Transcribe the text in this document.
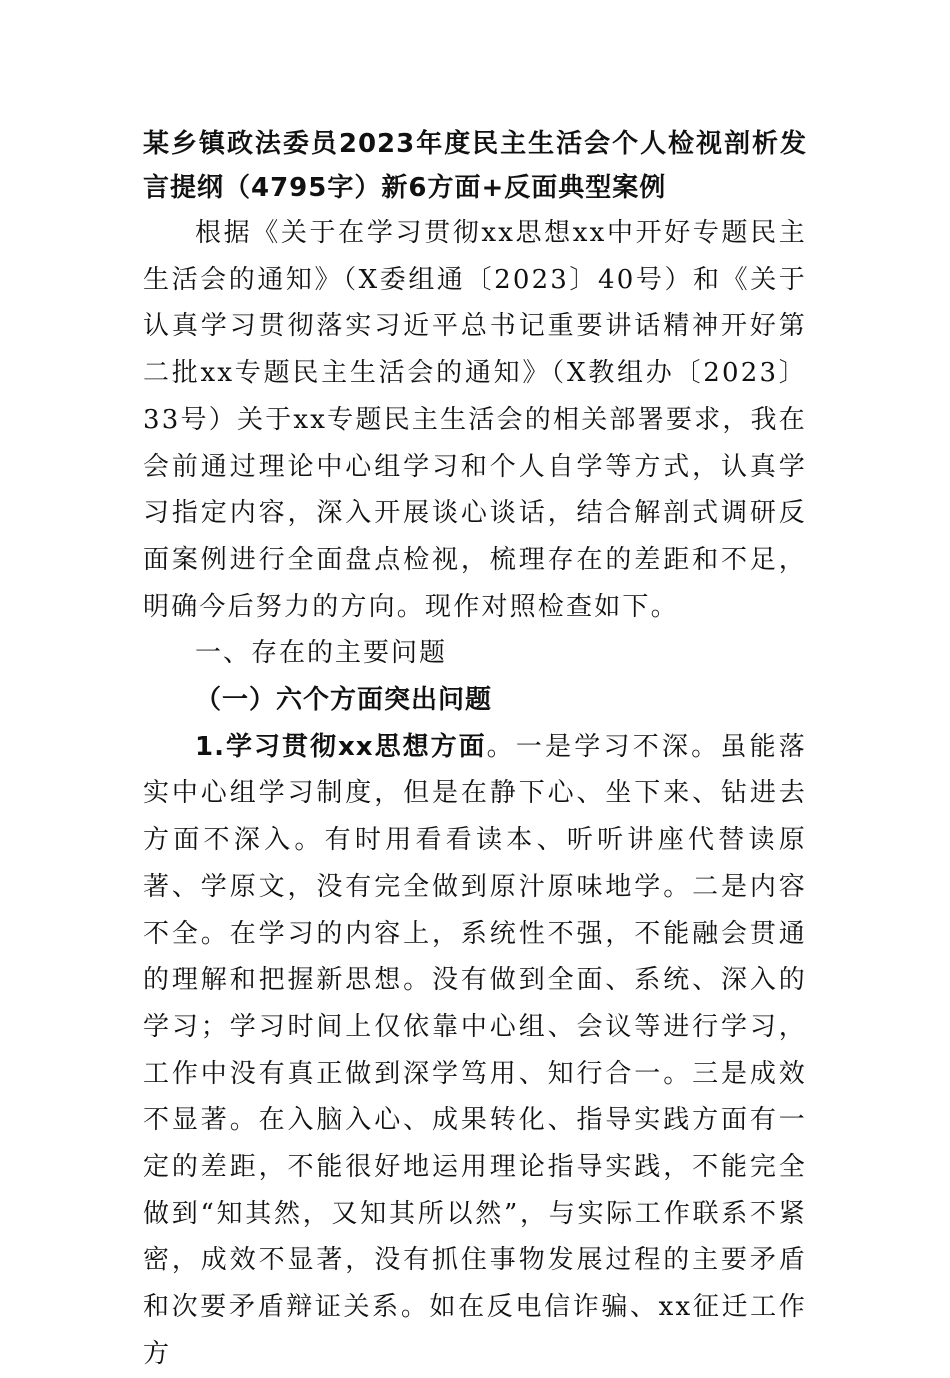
某乡镇政法委员2023年度民主生活会个人检视剖析发言提纲（4795字）新6方面+反面典型案例

根据《关于在学习贯彻xx思想xx中开好专题民主生活会的通知》（X委组通〔2023〕40号）和《关于认真学习贯彻落实习近平总书记重要讲话精神开好第二批xx专题民主生活会的通知》（X教组办〔2023〕33号）关于xx专题民主生活会的相关部署要求，我在会前通过理论中心组学习和个人自学等方式，认真学习指定内容，深入开展谈心谈话，结合解剖式调研反面案例进行全面盘点检视，梳理存在的差距和不足，明确今后努力的方向。现作对照检查如下。

一、存在的主要问题

（一）六个方面突出问题

1.学习贯彻xx思想方面。一是学习不深。虽能落实中心组学习制度，但是在静下心、坐下来、钻进去方面不深入。有时用看看读本、听听讲座代替读原著、学原文，没有完全做到原汁原味地学。二是内容不全。在学习的内容上，系统性不强，不能融会贯通的理解和把握新思想。没有做到全面、系统、深入的学习；学习时间上仅依靠中心组、会议等进行学习，工作中没有真正做到深学笃用、知行合一。三是成效不显著。在入脑入心、成果转化、指导实践方面有一定的差距，不能很好地运用理论指导实践，不能完全做到“知其然，又知其所以然”，与实际工作联系不紧密，成效不显著，没有抓住事物发展过程的主要矛盾和次要矛盾辩证关系。如在反电信诈骗、xx征迁工作方
